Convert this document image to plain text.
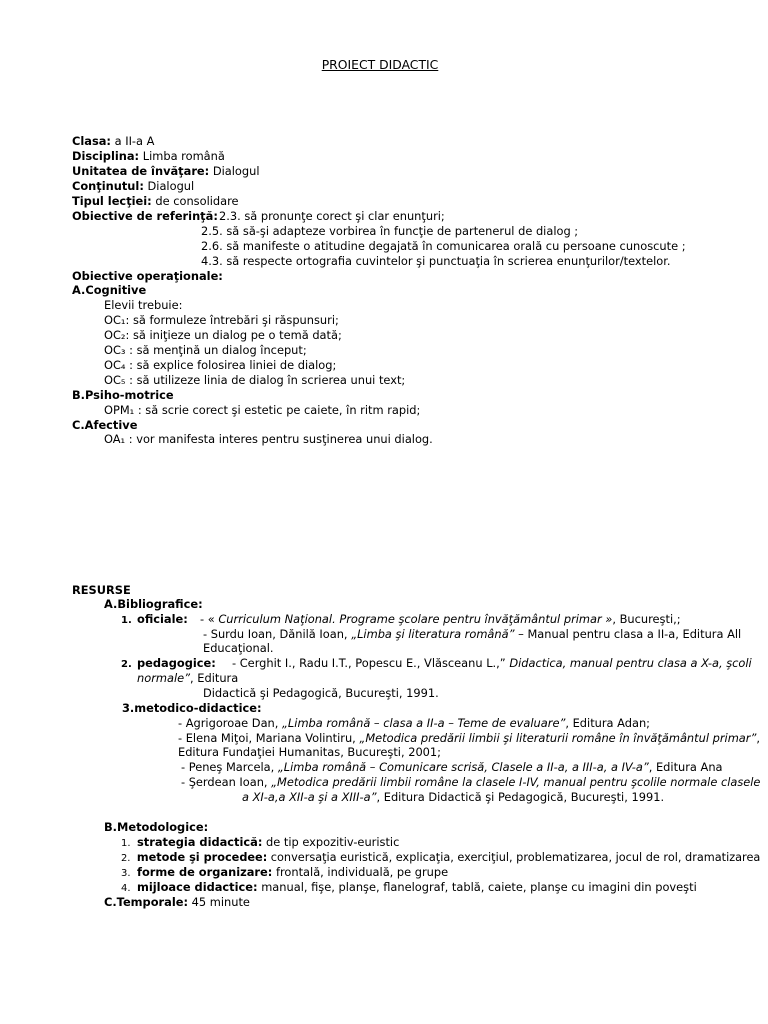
PROIECT DIDACTIC
Clasa: a II-a A
Disciplina: Limba română
Unitatea de învăţare: Dialogul
Conţinutul: Dialogul
Tipul lecţiei: de consolidare
Obiective de referinţă: 2.3. să pronunţe corect şi clar enunţuri;
2.5. să să-şi adapteze vorbirea în funcţie de partenerul de dialog ;
2.6. să manifeste o atitudine degajată în comunicarea orală cu persoane cunoscute ;
4.3. să respecte ortografia cuvintelor şi punctuaţia în scrierea enunţurilor/textelor.
Obiective operaţionale:
A.Cognitive
Elevii trebuie:
OC₁: să formuleze întrebări şi răspunsuri;
OC₂: să iniţieze un dialog pe o temă dată;
OC₃ : să menţină un dialog început;
OC₄ : să explice folosirea liniei de dialog;
OC₅ : să utilizeze linia de dialog în scrierea unui text;
B.Psiho-motrice
OPM₁ : să scrie corect şi estetic pe caiete, în ritm rapid;
C.Afective
OA₁ : vor manifesta interes pentru susţinerea unui dialog.
RESURSE
A.Bibliografice:
1. oficiale: - « Curriculum Naţional. Programe şcolare pentru învăţământul primar », Bucureşti,;
- Surdu Ioan, Dănilă Ioan, „Limba şi literatura română” – Manual pentru clasa a II-a, Editura All
Educaţional.
2. pedagogice: - Cerghit I., Radu I.T., Popescu E., Vlăsceanu L.,” Didactica, manual pentru clasa a X-a, şcoli
normale”, Editura
Didactică şi Pedagogică, Bucureşti, 1991.
3.metodico-didactice:
- Agrigoroae Dan, „Limba română – clasa a II-a – Teme de evaluare”, Editura Adan;
- Elena Miţoi, Mariana Volintiru, „Metodica predării limbii şi literaturii române în învăţământul primar”,
Editura Fundaţiei Humanitas, Bucureşti, 2001;
- Peneş Marcela, „Limba română – Comunicare scrisă, Clasele a II-a, a III-a, a IV-a”, Editura Ana
- Şerdean Ioan, „Metodica predării limbii române la clasele I-IV, manual pentru şcolile normale clasele
a XI-a,a XII-a şi a XIII-a”, Editura Didactică şi Pedagogică, Bucureşti, 1991.
B.Metodologice:
1. strategia didactică: de tip expozitiv-euristic
2. metode şi procedee: conversaţia euristică, explicaţia, exerciţiul, problematizarea, jocul de rol, dramatizarea
3. forme de organizare: frontală, individuală, pe grupe
4. mijloace didactice: manual, fişe, planşe, flanelograf, tablă, caiete, planşe cu imagini din poveşti
C.Temporale: 45 minute
